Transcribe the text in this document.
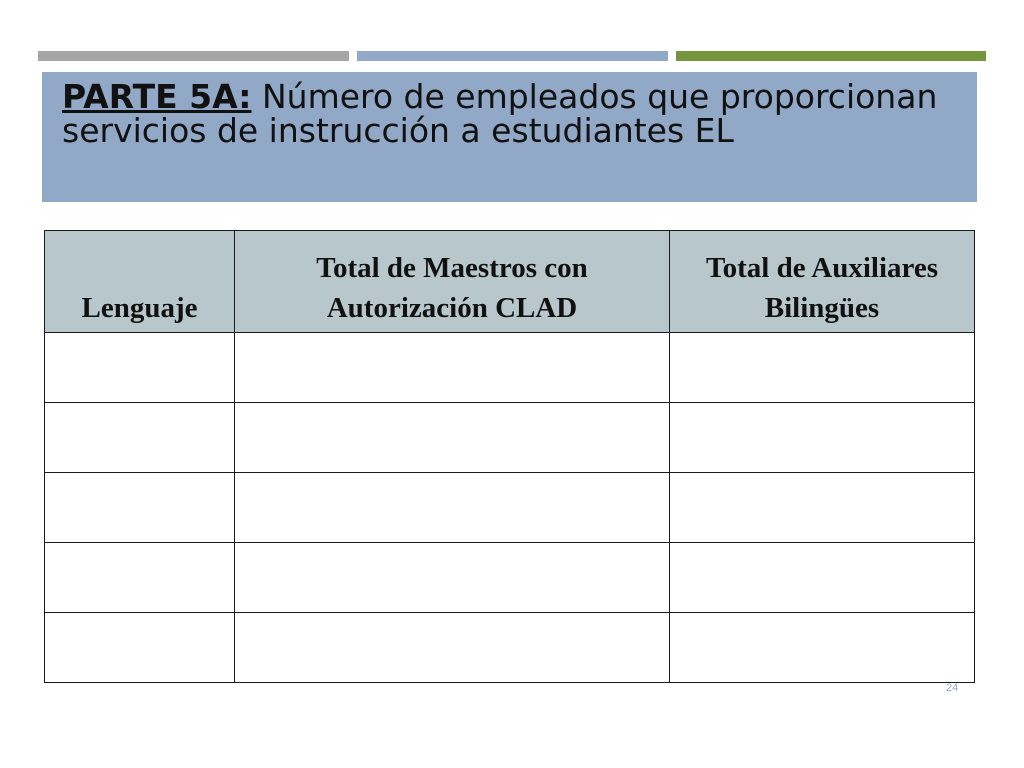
PARTE 5A: Número de empleados que proporcionan servicios de instrucción a estudiantes EL
Lenguaje	Total de Maestros con Autorización CLAD	Total de Auxiliares Bilingües

24
